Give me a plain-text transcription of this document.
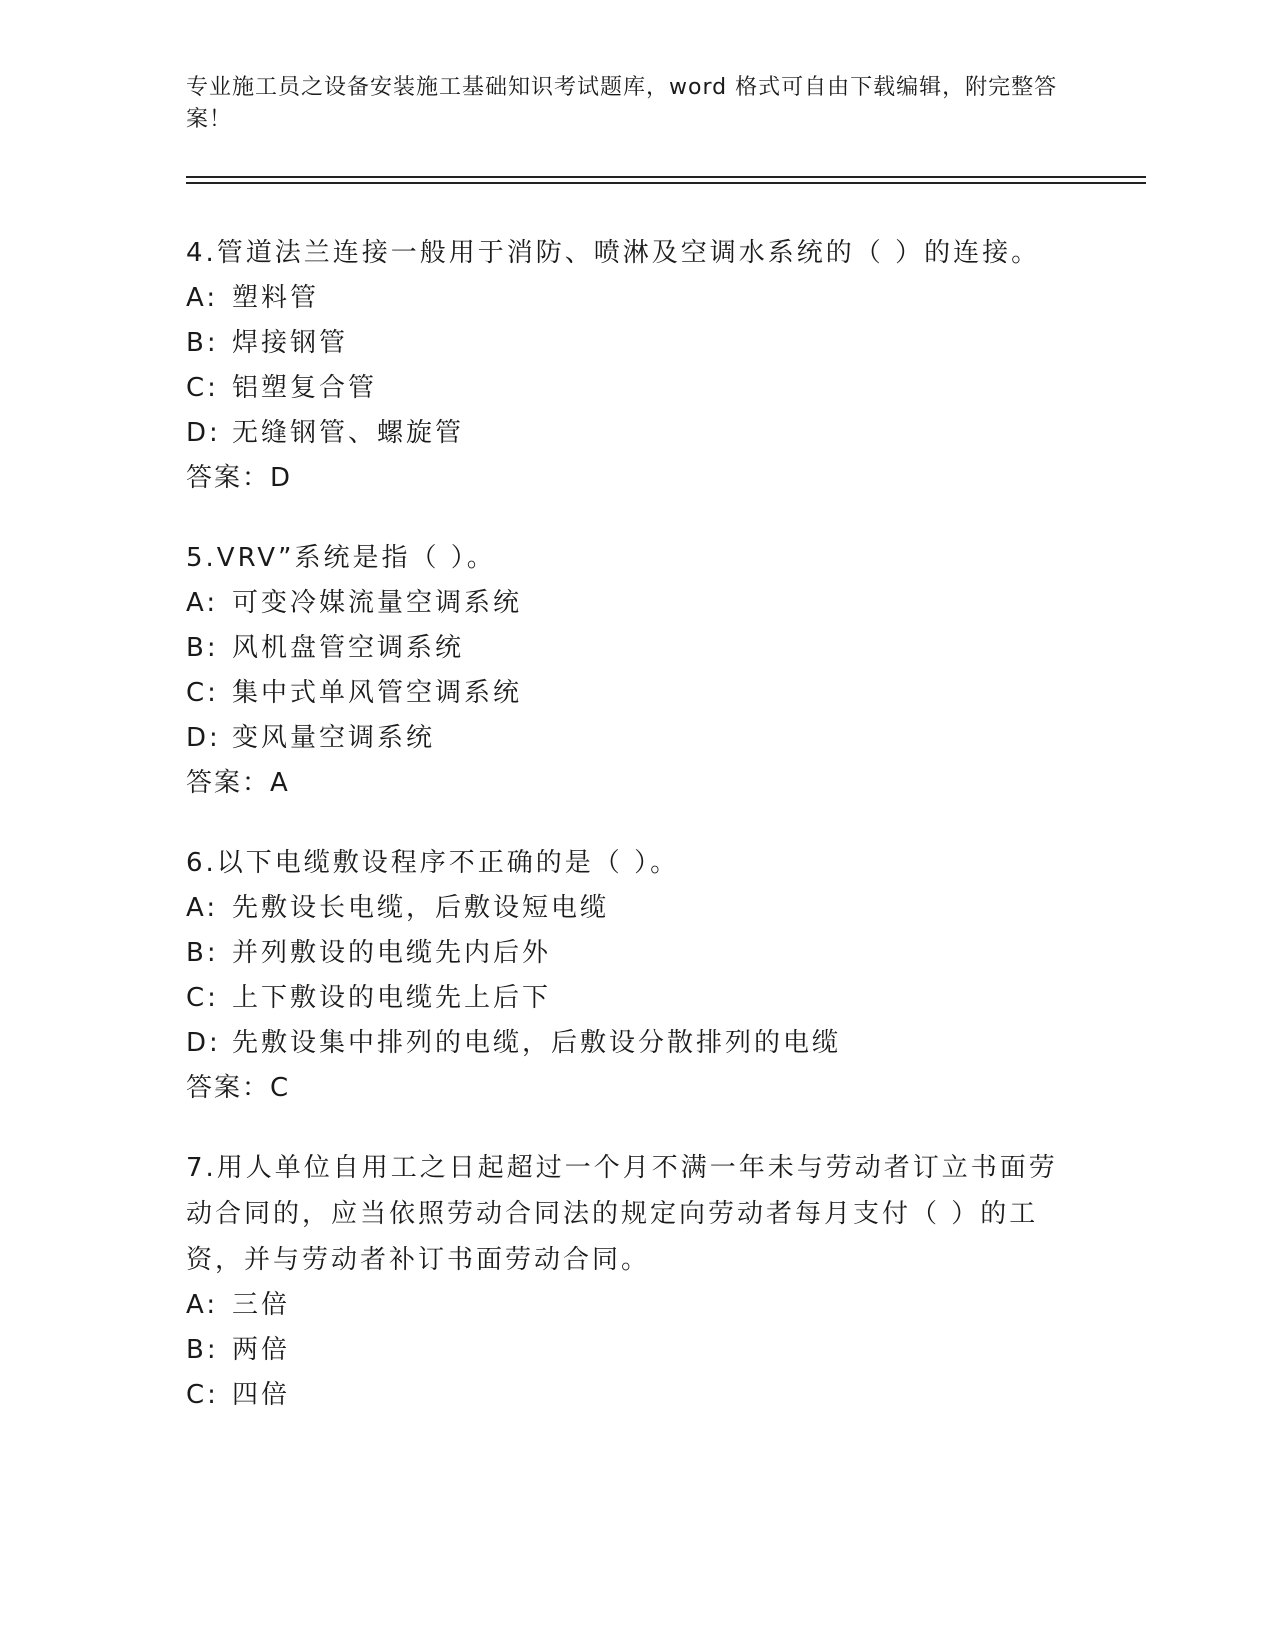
专业施工员之设备安装施工基础知识考试题库，word 格式可自由下载编辑，附完整答案！

4.管道法兰连接一般用于消防、喷淋及空调水系统的（ ）的连接。

A: 塑料管

B: 焊接钢管

C: 铝塑复合管

D: 无缝钢管、螺旋管

答案：D

5.VRV”系统是指（ ）。

A: 可变冷媒流量空调系统

B: 风机盘管空调系统

C: 集中式单风管空调系统

D: 变风量空调系统

答案：A

6.以下电缆敷设程序不正确的是（ ）。

A: 先敷设长电缆，后敷设短电缆

B: 并列敷设的电缆先内后外

C: 上下敷设的电缆先上后下

D: 先敷设集中排列的电缆，后敷设分散排列的电缆

答案：C

7.用人单位自用工之日起超过一个月不满一年未与劳动者订立书面劳动合同的，应当依照劳动合同法的规定向劳动者每月支付（ ）的工资，并与劳动者补订书面劳动合同。

A: 三倍

B: 两倍

C: 四倍
